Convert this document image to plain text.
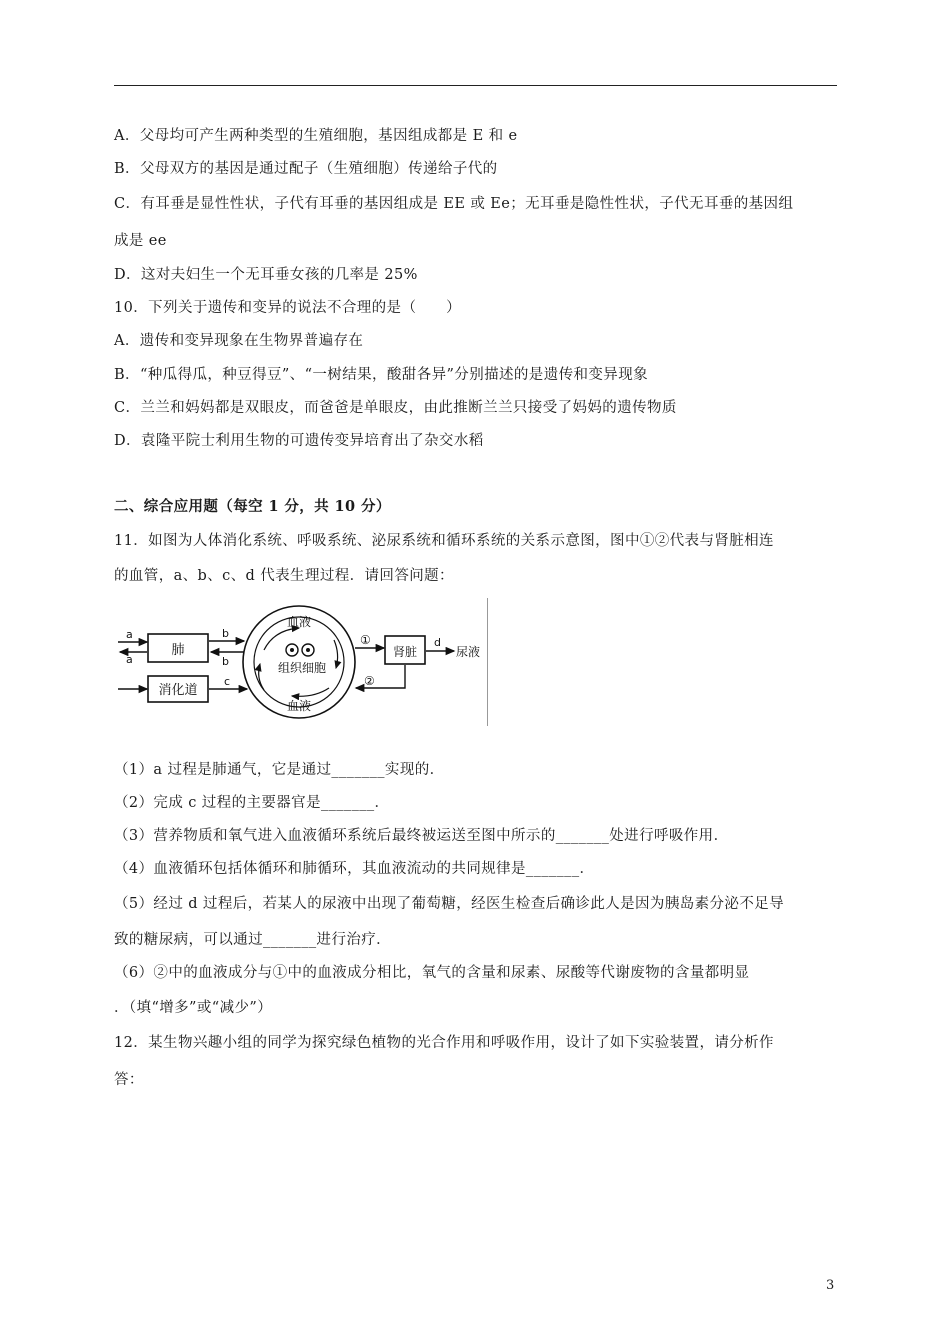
A．父母均可产生两种类型的生殖细胞，基因组成都是 E 和 e
B．父母双方的基因是通过配子（生殖细胞）传递给子代的
C．有耳垂是显性性状，子代有耳垂的基因组成是 EE 或 Ee；无耳垂是隐性性状，子代无耳垂的基因组
成是 ee
D．这对夫妇生一个无耳垂女孩的几率是 25%
10．下列关于遗传和变异的说法不合理的是（　　）
A．遗传和变异现象在生物界普遍存在
B．“种瓜得瓜，种豆得豆”、“一树结果，酸甜各异”分别描述的是遗传和变异现象
C．兰兰和妈妈都是双眼皮，而爸爸是单眼皮，由此推断兰兰只接受了妈妈的遗传物质
D．袁隆平院士利用生物的可遗传变异培育出了杂交水稻
二、综合应用题（每空 1 分，共 10 分）
11．如图为人体消化系统、呼吸系统、泌尿系统和循环系统的关系示意图，图中①②代表与肾脏相连
的血管，a、b、c、d 代表生理过程．请回答问题：
肺
消化道
a
a
b
b
c
血液
血液
组织细胞
①
肾脏
d
尿液
②
（1）a 过程是肺通气，它是通过_______实现的．
（2）完成 c 过程的主要器官是_______．
（3）营养物质和氧气进入血液循环系统后最终被运送至图中所示的_______处进行呼吸作用．
（4）血液循环包括体循环和肺循环，其血液流动的共同规律是_______．
（5）经过 d 过程后，若某人的尿液中出现了葡萄糖，经医生检查后确诊此人是因为胰岛素分泌不足导
致的糖尿病，可以通过_______进行治疗．
（6）②中的血液成分与①中的血液成分相比，氧气的含量和尿素、尿酸等代谢废物的含量都明显
．（填“增多”或“减少”）
12．某生物兴趣小组的同学为探究绿色植物的光合作用和呼吸作用，设计了如下实验装置，请分析作
答：
3
